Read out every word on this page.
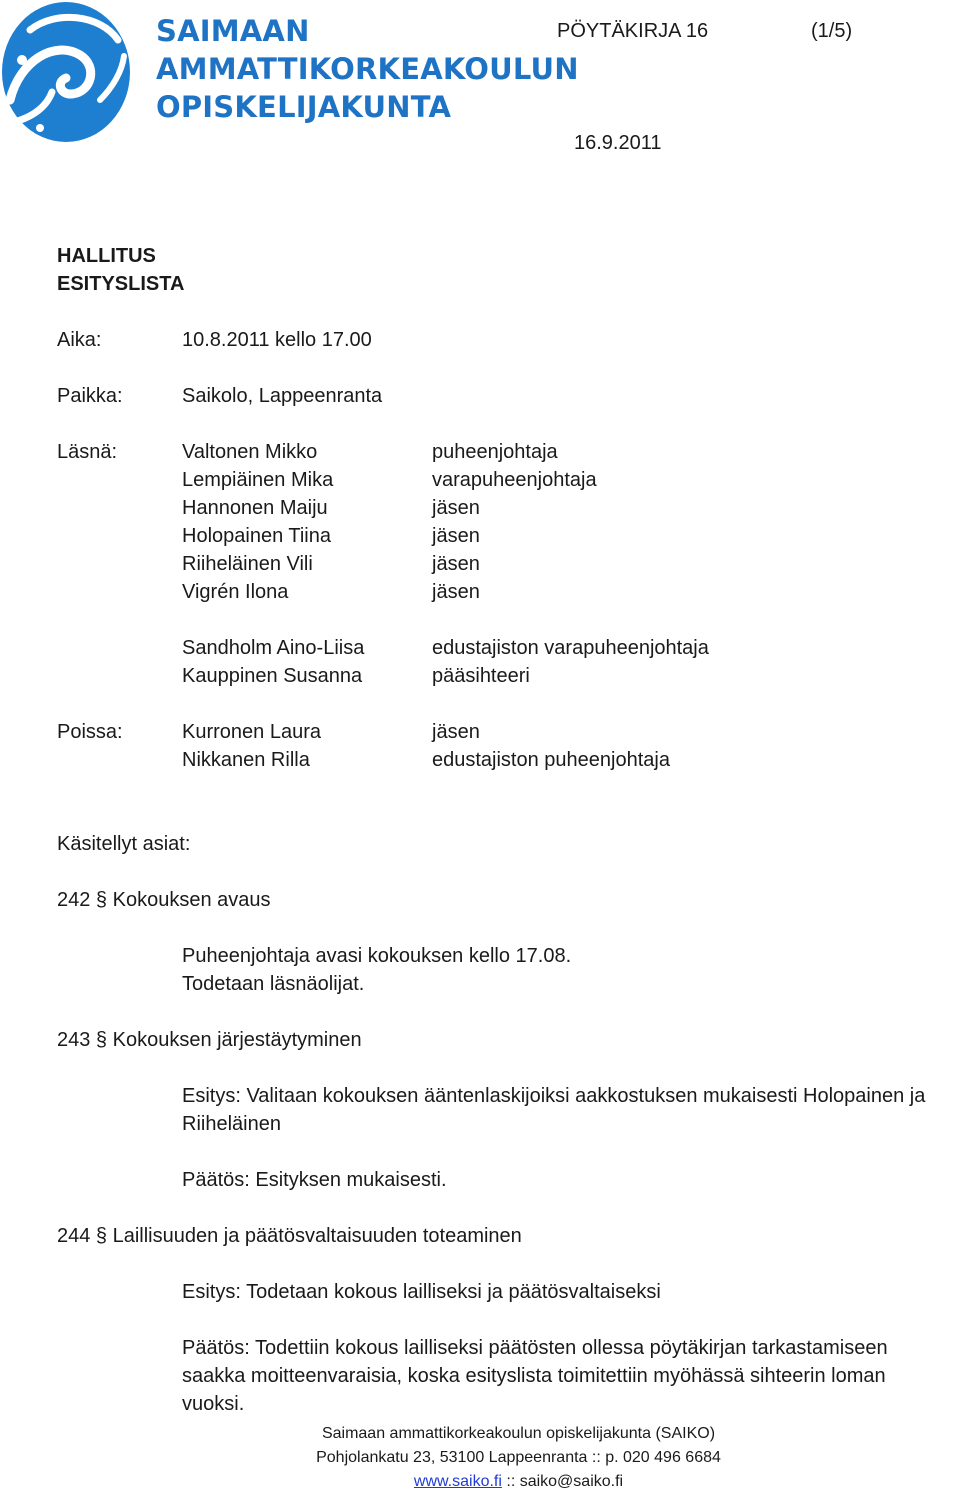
SAIMAAN
AMMATTIKORKEAKOULUN
OPISKELIJAKUNTA
PÖYTÄKIRJA 16	(1/5)
16.9.2011
HALLITUS
ESITYSLISTA
Aika:	10.8.2011 kello 17.00
Paikka:	Saikolo, Lappeenranta
Läsnä:	Valtonen Mikko	puheenjohtaja
Lempiäinen Mika	varapuheenjohtaja
Hannonen Maiju	jäsen
Holopainen Tiina	jäsen
Riiheläinen Vili	jäsen
Vigrén Ilona	jäsen
Sandholm Aino-Liisa	edustajiston varapuheenjohtaja
Kauppinen Susanna	pääsihteeri
Poissa:	Kurronen Laura	jäsen
Nikkanen Rilla	edustajiston puheenjohtaja
Käsitellyt asiat:
242 § Kokouksen avaus
Puheenjohtaja avasi kokouksen kello 17.08.
Todetaan läsnäolijat.
243 § Kokouksen järjestäytyminen
Esitys: Valitaan kokouksen ääntenlaskijoiksi aakkostuksen mukaisesti Holopainen ja
Riiheläinen
Päätös: Esityksen mukaisesti.
244 § Laillisuuden ja päätösvaltaisuuden toteaminen
Esitys: Todetaan kokous lailliseksi ja päätösvaltaiseksi
Päätös: Todettiin kokous lailliseksi päätösten ollessa pöytäkirjan tarkastamiseen
saakka moitteenvaraisia, koska esityslista toimitettiin myöhässä sihteerin loman
vuoksi.
Saimaan ammattikorkeakoulun opiskelijakunta (SAIKO)
Pohjolankatu 23, 53100 Lappeenranta :: p. 020 496 6684
www.saiko.fi :: saiko@saiko.fi
